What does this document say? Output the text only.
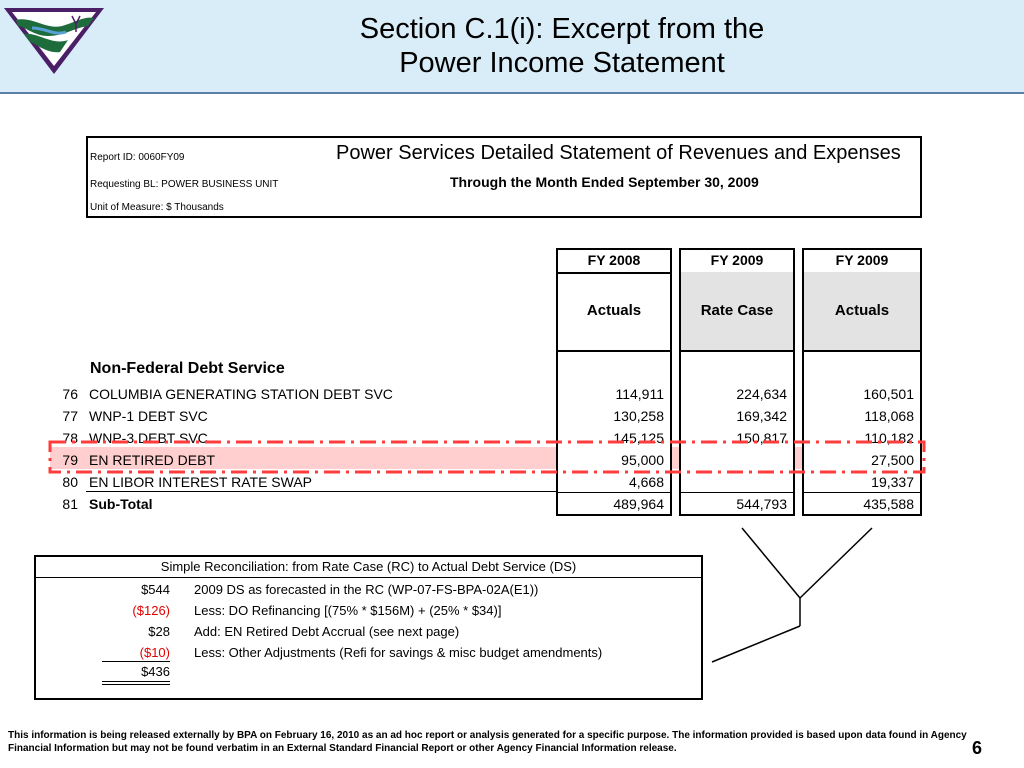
Section C.1(i): Excerpt from the
Power Income Statement
Report ID: 0060FY09
Requesting BL: POWER BUSINESS UNIT
Unit of Measure: $ Thousands
Power Services Detailed Statement of Revenues and Expenses
Through the Month Ended September 30, 2009
FY 2008
Actuals
114,911
130,258
145,125
95,000
4,668
489,964
FY 2009
Rate Case
224,634
169,342
150,817
544,793
FY 2009
Actuals
160,501
118,068
110,182
27,500
19,337
435,588
Non-Federal Debt Service
76 COLUMBIA GENERATING STATION DEBT SVC
77 WNP-1 DEBT SVC
78 WNP-3 DEBT SVC
79 EN RETIRED DEBT
80 EN LIBOR INTEREST RATE SWAP
81 Sub-Total
Simple Reconciliation: from Rate Case (RC) to Actual Debt Service (DS)
$544 2009 DS as forecasted in the RC (WP-07-FS-BPA-02A(E1))
($126) Less: DO Refinancing [(75% * $156M) + (25% * $34)]
$28 Add: EN Retired Debt Accrual (see next page)
($10) Less: Other Adjustments (Refi for savings & misc budget amendments)
$436
This information is being released externally by BPA on February 16, 2010 as an ad hoc report or analysis generated for a specific purpose. The information provided is based upon data found in Agency Financial Information but may not be found verbatim in an External Standard Financial Report or other Agency Financial Information release.	6
